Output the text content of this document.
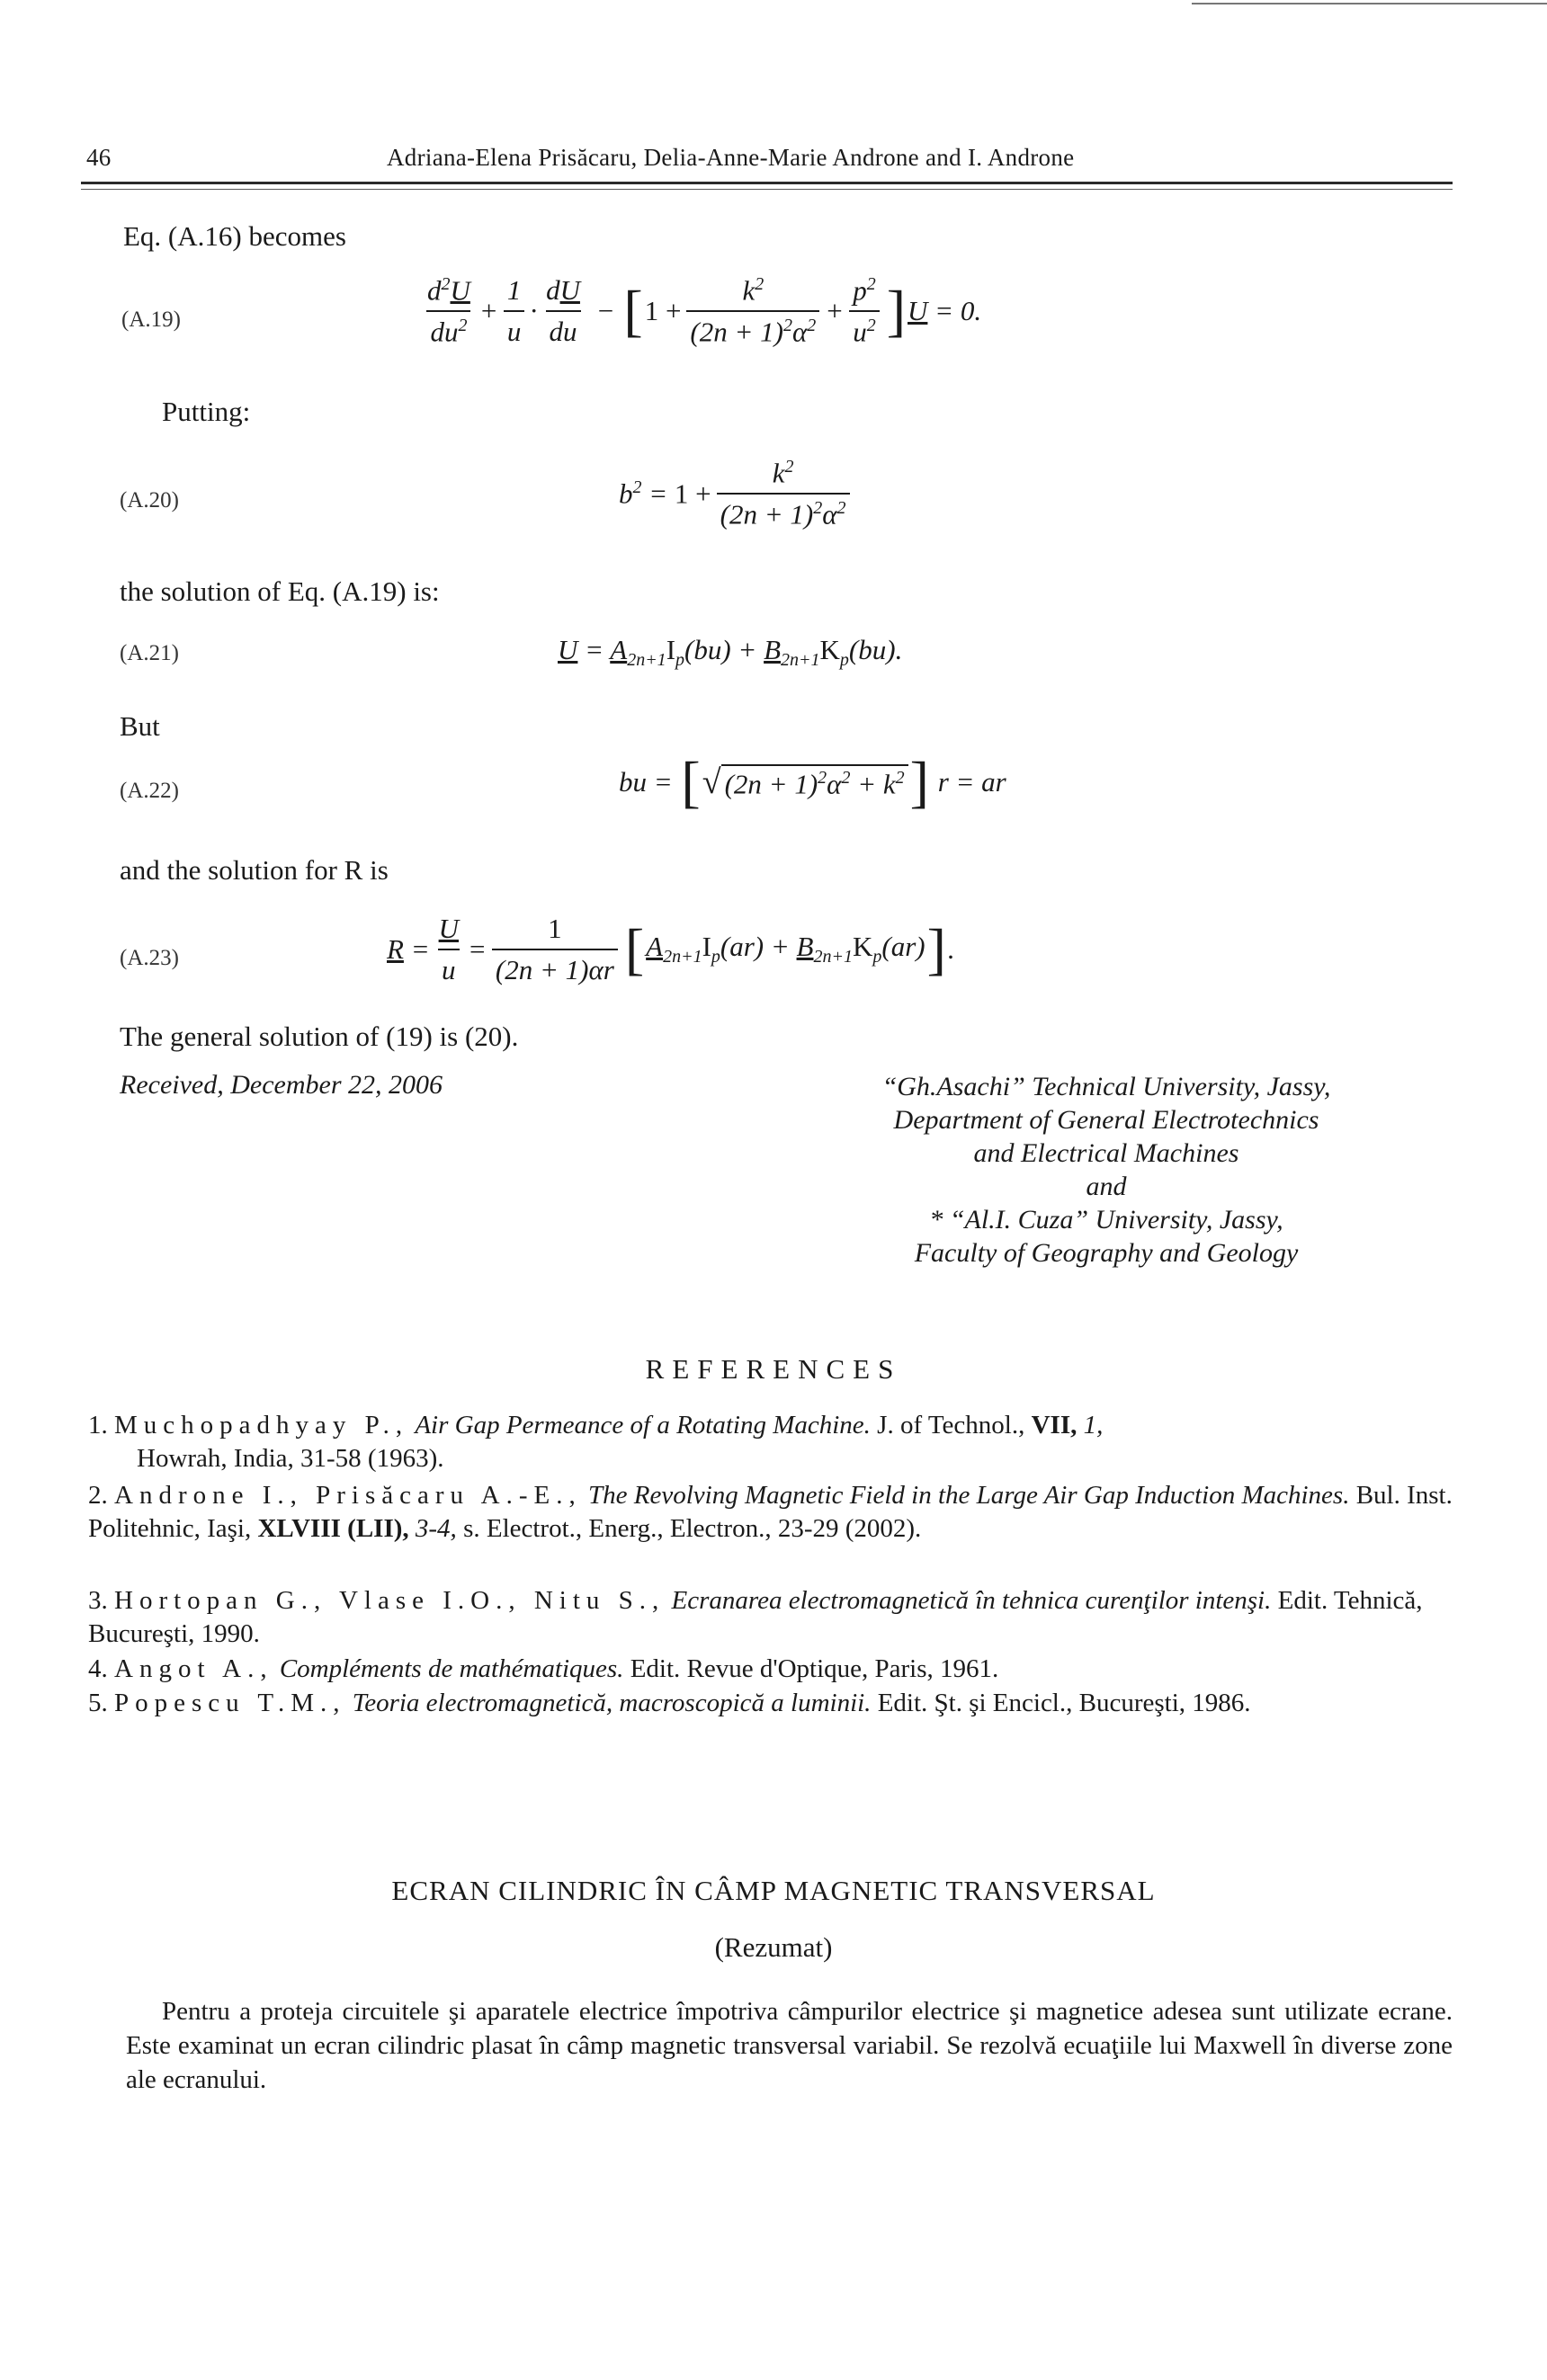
46	Adriana-Elena Prisăcaru, Delia-Anne-Marie Androne and I. Androne
Eq. (A.16) becomes
(A.19)	$\frac{d^2U}{du^2} + \frac{1}{u} \cdot \frac{dU}{du}$ − [ $1 + \frac{k^2}{(2n + 1)^2\alpha^2} + \frac{p^2}{u^2}$ ] U = 0.
Putting:
(A.20)	$b^2 = 1 + \frac{k^2}{(2n + 1)^2\alpha^2}$
the solution of Eq. (A.19) is:
(A.21)	$U = A_{2n+1}I_p(bu) + B_{2n+1}K_p(bu)$.
But
(A.22)	bu = [ √ $(2n + 1)^2\alpha^2 + k^2$ ] r = ar
and the solution for R is
(A.23)	$R = \frac{U}{u} = \frac{1}{(2n + 1)\alpha r}$ [ $A_{2n+1}I_p(ar) + B_{2n+1}K_p(ar)$ ] .
The general solution of (19) is (20).
Received, December 22, 2006	“Gh.Asachi” Technical University, Jassy,
Department of General Electrotechnics
and Electrical Machines
and
* “Al.I. Cuza” University, Jassy,
Faculty of Geography and Geology
REFERENCES
1. Muchopadhyay P., Air Gap Permeance of a Rotating Machine. J. of Technol., VII, 1,
Howrah, India, 31-58 (1963).
2. Androne I., Prisăcaru A.-E., The Revolving Magnetic Field in the Large Air Gap Induction Machines. Bul. Inst. Politehnic, Iaşi, XLVIII (LII), 3-4, s. Electrot., Energ., Electron., 23-29 (2002).
3. Hortopan G., Vlase I.O., Nitu S., Ecranarea electromagnetică în tehnica curenţilor intenşi. Edit. Tehnică, Bucureşti, 1990.
4. Angot A., Compléments de mathématiques. Edit. Revue d'Optique, Paris, 1961.
5. Popescu T.M., Teoria electromagnetică, macroscopică a luminii. Edit. Şt. şi Encicl., Bucureşti, 1986.
ECRAN CILINDRIC ÎN CÂMP MAGNETIC TRANSVERSAL
(Rezumat)
Pentru a proteja circuitele şi aparatele electrice împotriva câmpurilor electrice şi magnetice adesea sunt utilizate ecrane. Este examinat un ecran cilindric plasat în câmp magnetic transversal variabil. Se rezolvă ecuaţiile lui Maxwell în diverse zone ale ecranului.
